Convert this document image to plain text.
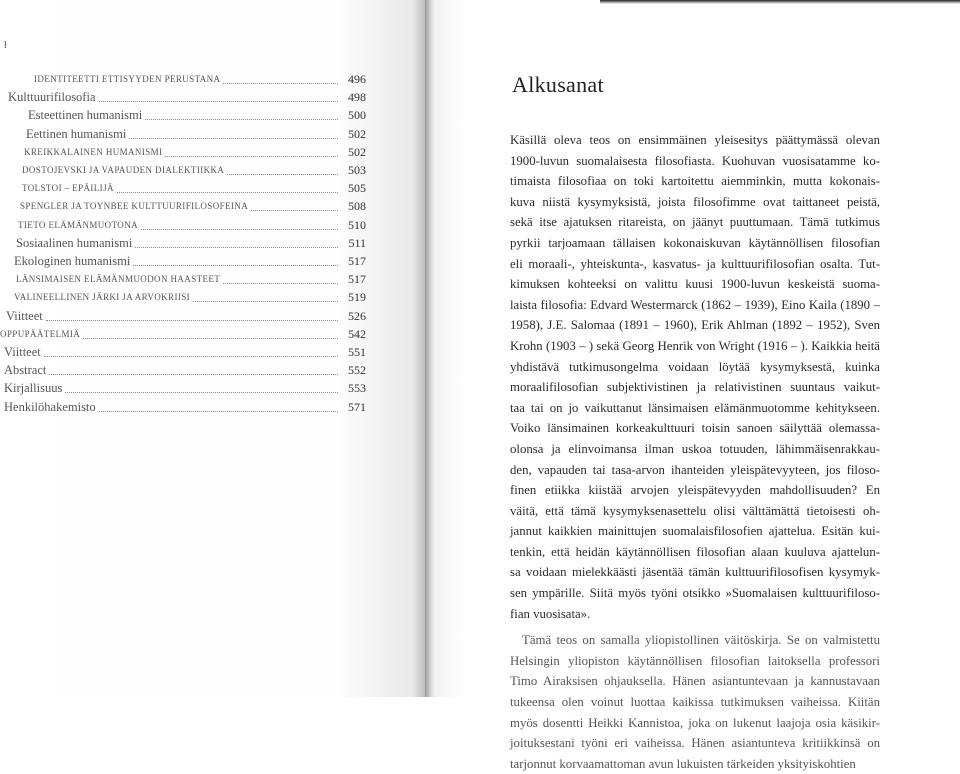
ł
IDENTITEETTI ETTISYYDEN PERUSTANA	496
Kulttuurifilosofia	498
Esteettinen humanismi	500
Eettinen humanismi	502
KREIKKALAINEN HUMANISMI	502
DOSTOJEVSKI JA VAPAUDEN DIALEKTIIKKA	503
TOLSTOI – EPÄILIJÄ	505
SPENGLER JA TOYNBEE KULTTUURIFILOSOFEINA	508
TIETO ELÄMÄNMUOTONA	510
Sosiaalinen humanismi	511
Ekologinen humanismi	517
LÄNSIMAISEN ELÄMÄNMUODON HAASTEET	517
VALINEELLINEN JÄRKI JA ARVOKRIISI	519
Viitteet	526
OPPUPÄÄTELMIÄ	542
Viitteet	551
Abstract	552
Kirjallisuus	553
Henkilöhakemisto	571
Alkusanat

Käsillä oleva teos on ensimmäinen yleisesitys päättymässä olevan
1900-luvun suomalaisesta filosofiasta. Kuohuvan vuosisatamme ko-
timaista filosofiaa on toki kartoitettu aiemminkin, mutta kokonais-
kuva niistä kysymyksistä, joista filosofimme ovat taittaneet peistä,
sekä itse ajatuksen ritareista, on jäänyt puuttumaan. Tämä tutkimus
pyrkii tarjoamaan tällaisen kokonaiskuvan käytännöllisen filosofian
eli moraali-, yhteiskunta-, kasvatus- ja kulttuurifilosofian osalta. Tut-
kimuksen kohteeksi on valittu kuusi 1900-luvun keskeistä suoma-
laista filosofia: Edvard Westermarck (1862 – 1939), Eino Kaila (1890 –
1958), J.E. Salomaa (1891 – 1960), Erik Ahlman (1892 – 1952), Sven
Krohn (1903 – ) sekä Georg Henrik von Wright (1916 – ). Kaikkia heitä
yhdistävä tutkimusongelma voidaan löytää kysymyksestä, kuinka
moraalifilosofian subjektivistinen ja relativistinen suuntaus vaikut-
taa tai on jo vaikuttanut länsimaisen elämänmuotomme kehitykseen.
Voiko länsimainen korkeakulttuuri toisin sanoen säilyttää olemassa-
olonsa ja elinvoimansa ilman uskoa totuuden, lähimmäisenrakkau-
den, vapauden tai tasa-arvon ihanteiden yleispätevyyteen, jos filoso-
finen etiikka kiistää arvojen yleispätevyyden mahdollisuuden? En
väitä, että tämä kysymyksenasettelu olisi välttämättä tietoisesti oh-
jannut kaikkien mainittujen suomalaisfilosofien ajattelua. Esitän kui-
tenkin, että heidän käytännöllisen filosofian alaan kuuluva ajattelun-
sa voidaan mielekkäästi jäsentää tämän kulttuurifilosofisen kysymyk-
sen ympärille. Siitä myös työni otsikko »Suomalaisen kulttuurifiloso-
fian vuosisata».

Tämä teos on samalla yliopistollinen väitöskirja. Se on valmistettu
Helsingin yliopiston käytännöllisen filosofian laitoksella professori
Timo Airaksisen ohjauksella. Hänen asiantuntevaan ja kannustavaan
tukeensa olen voinut luottaa kaikissa tutkimuksen vaiheissa. Kiitän
myös dosentti Heikki Kannistoa, joka on lukenut laajoja osia käsikir-
joituksestani työni eri vaiheissa. Hänen asiantunteva kritiikkinsä on
tarjonnut korvaamattoman avun lukuisten tärkeiden yksityiskohtien
